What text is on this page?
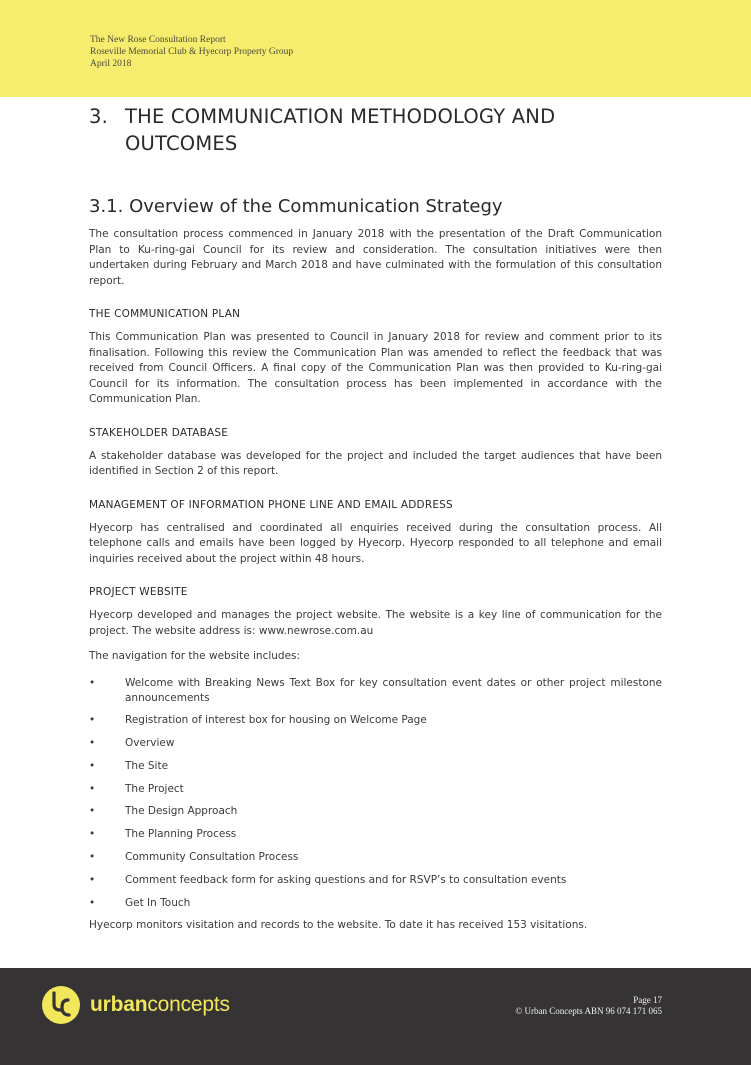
The New Rose Consultation Report
Roseville Memorial Club & Hyecorp Property Group
April 2018
3. THE COMMUNICATION METHODOLOGY AND OUTCOMES
3.1. Overview of the Communication Strategy

The consultation process commenced in January 2018 with the presentation of the Draft Communication Plan to Ku-ring-gai Council for its review and consideration. The consultation initiatives were then undertaken during February and March 2018 and have culminated with the formulation of this consultation report.

THE COMMUNICATION PLAN

This Communication Plan was presented to Council in January 2018 for review and comment prior to its finalisation. Following this review the Communication Plan was amended to reflect the feedback that was received from Council Officers. A final copy of the Communication Plan was then provided to Ku-ring-gai Council for its information. The consultation process has been implemented in accordance with the Communication Plan.

STAKEHOLDER DATABASE

A stakeholder database was developed for the project and included the target audiences that have been identified in Section 2 of this report.

MANAGEMENT OF INFORMATION PHONE LINE AND EMAIL ADDRESS

Hyecorp has centralised and coordinated all enquiries received during the consultation process. All telephone calls and emails have been logged by Hyecorp. Hyecorp responded to all telephone and email inquiries received about the project within 48 hours.

PROJECT WEBSITE

Hyecorp developed and manages the project website. The website is a key line of communication for the project. The website address is: www.newrose.com.au

The navigation for the website includes:

• Welcome with Breaking News Text Box for key consultation event dates or other project milestone announcements
• Registration of interest box for housing on Welcome Page
• Overview
• The Site
• The Project
• The Design Approach
• The Planning Process
• Community Consultation Process
• Comment feedback form for asking questions and for RSVP’s to consultation events
• Get In Touch

Hyecorp monitors visitation and records to the website. To date it has received 153 visitations.

urbanconcepts	Page 17
© Urban Concepts ABN 96 074 171 065
